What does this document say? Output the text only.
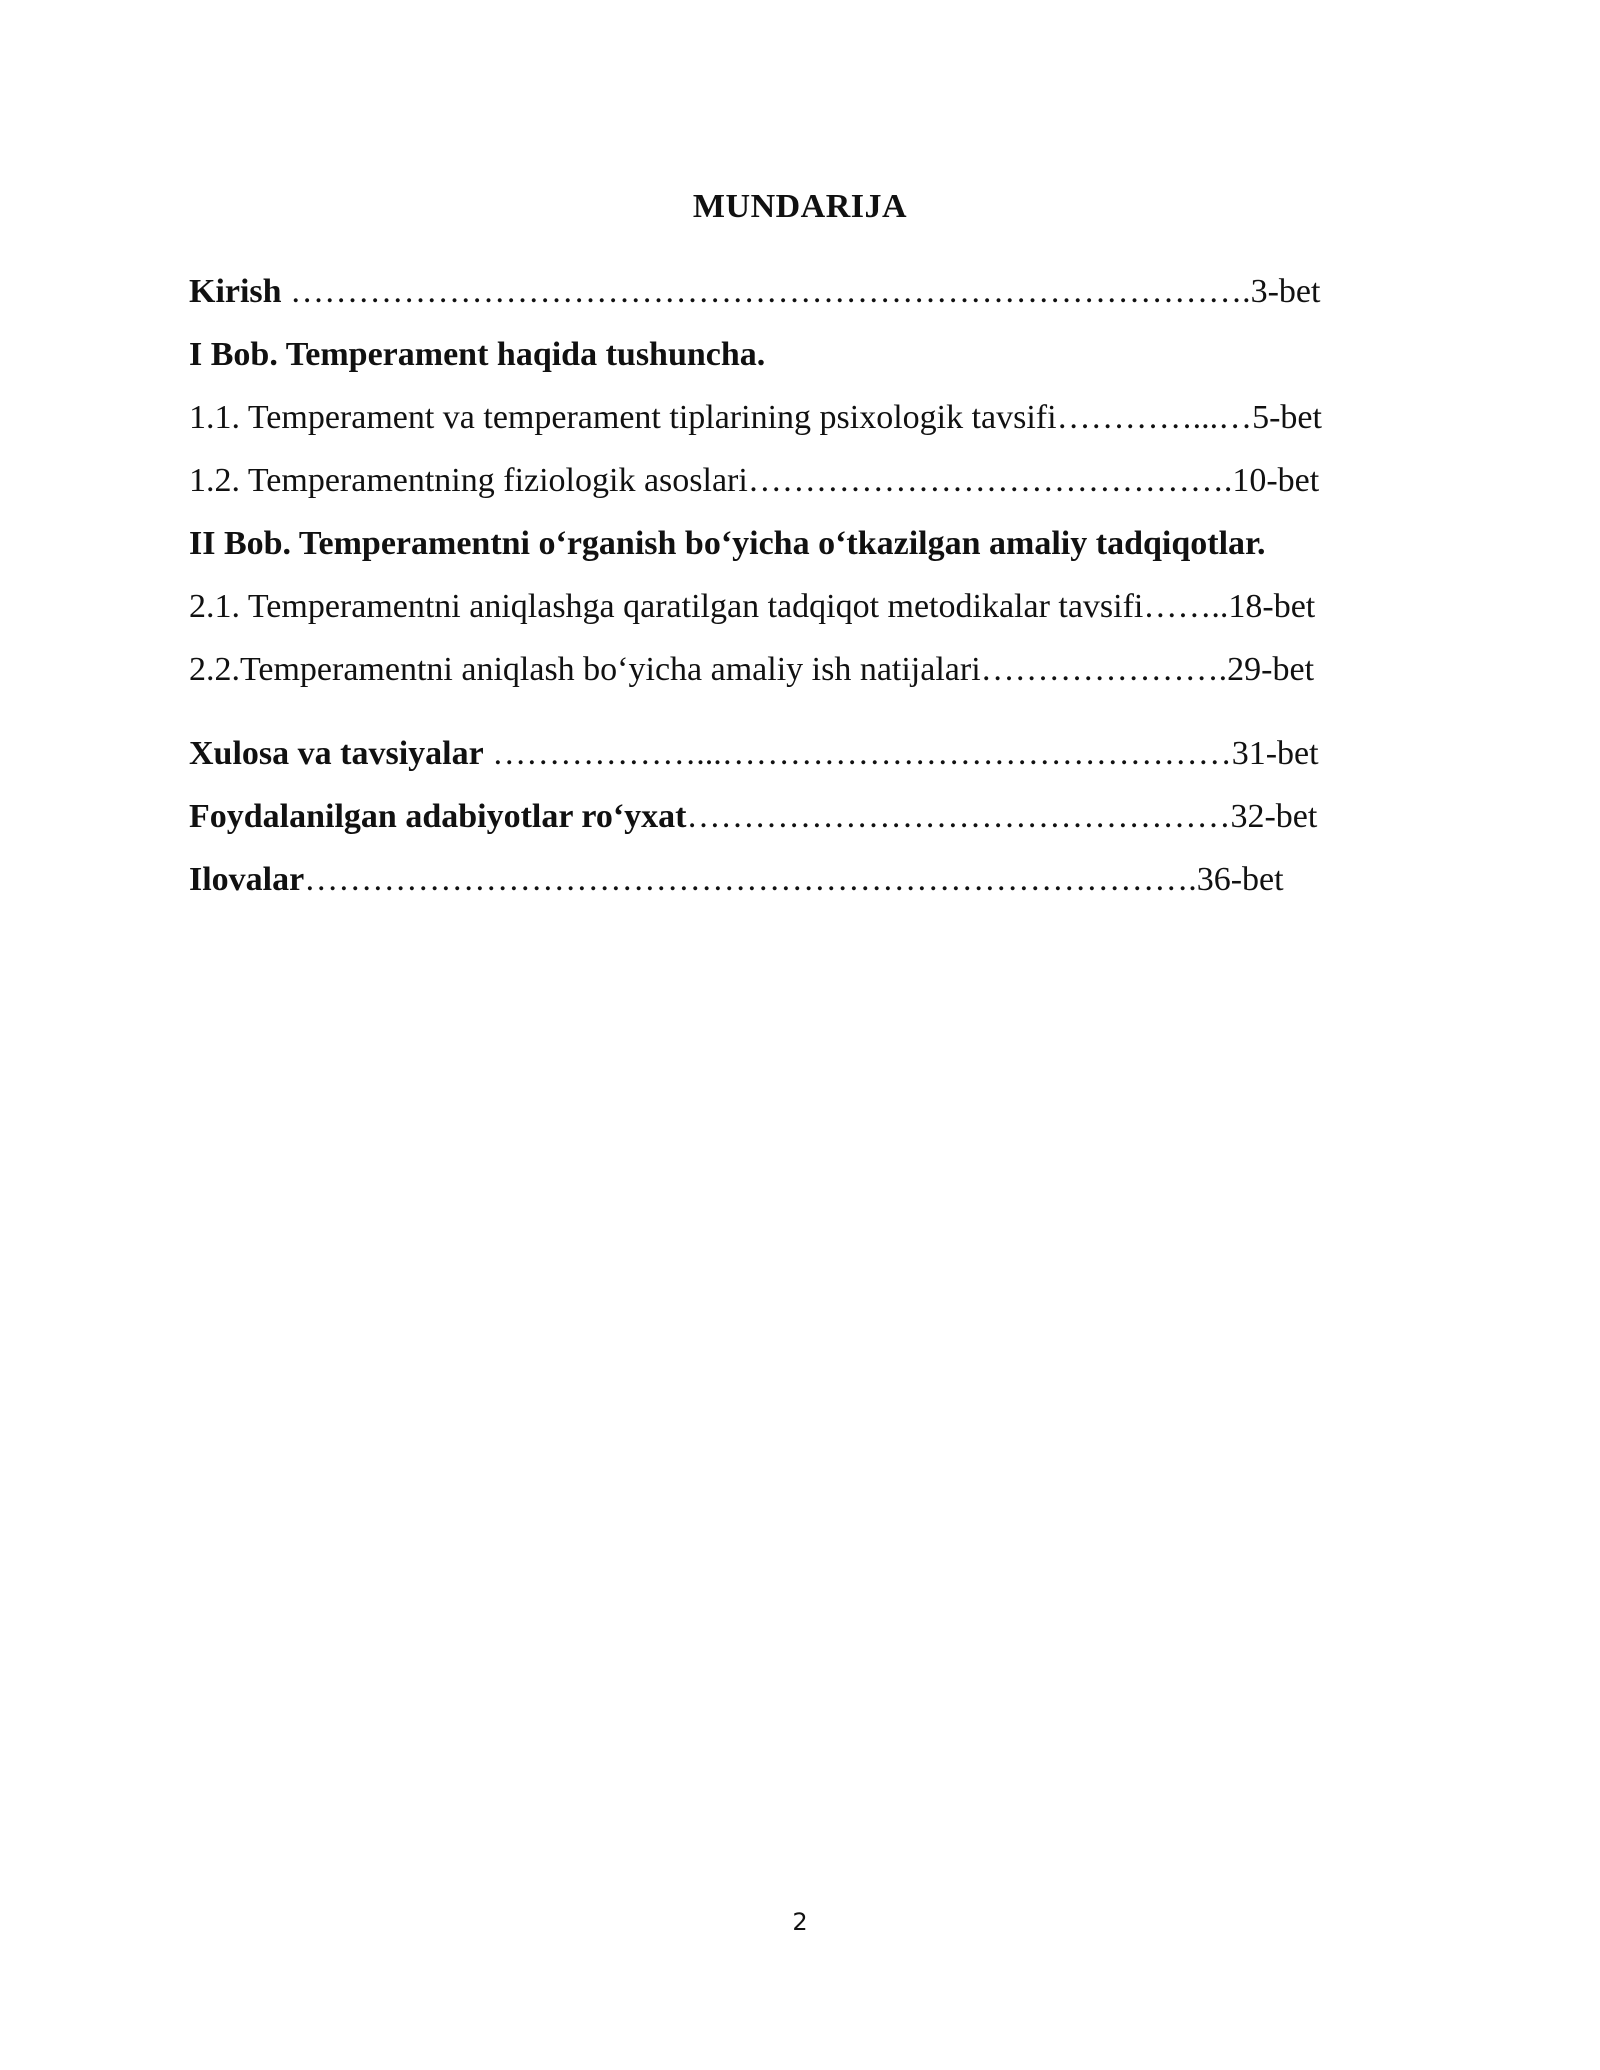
MUNDARIJA
Kirish ………………………………………………………………………….3-bet
I Bob. Temperament haqida tushuncha.
1.1. Temperament va temperament tiplarining psixologik tavsifi…………...…5-bet
1.2. Temperamentning fiziologik asoslari…………………………………….10-bet
II Bob. Temperamentni o‘rganish bo‘yicha o‘tkazilgan amaliy tadqiqotlar.
2.1. Temperamentni aniqlashga qaratilgan tadqiqot metodikalar tavsifi……..18-bet
2.2.Temperamentni aniqlash bo‘yicha amaliy ish natijalari………………….29-bet
Xulosa va tavsiyalar ………………...………………………………………31-bet
Foydalanilgan adabiyotlar ro‘yxat…………………………………………32-bet
Ilovalar…………………………………………………………………….36-bet
2
